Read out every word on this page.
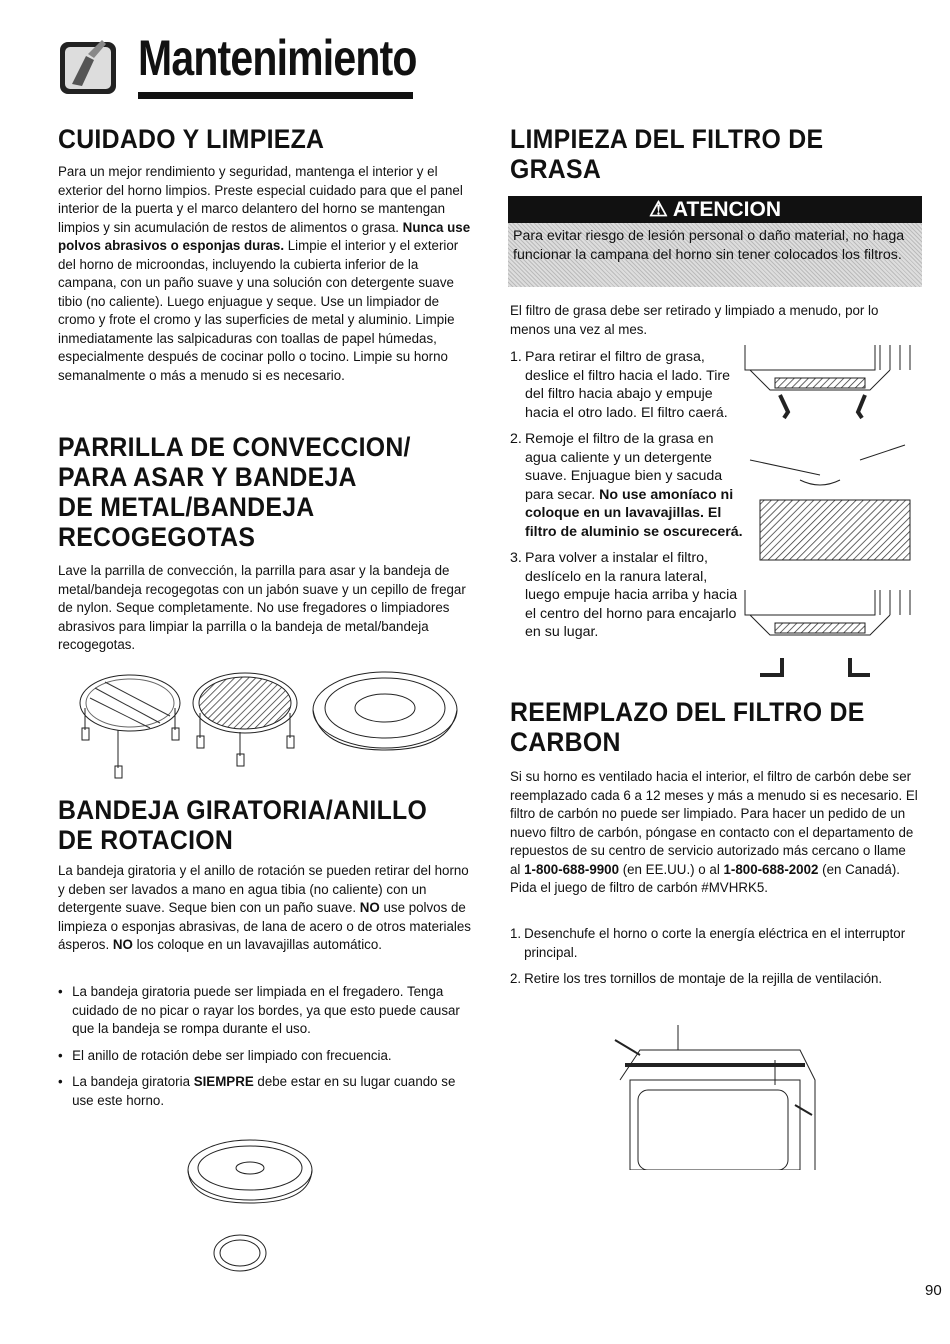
Mantenimiento
CUIDADO Y LIMPIEZA
Para un mejor rendimiento y seguridad, mantenga el interior y el exterior del horno limpios. Preste especial cuidado para que el panel interior de la puerta y el marco delantero del horno se mantengan limpios y sin acumulación de restos de alimentos o grasa. Nunca use polvos abrasivos o esponjas duras. Limpie el interior y el exterior del horno de microondas, incluyendo la cubierta inferior de la campana, con un paño suave y una solución con detergente suave tibio (no caliente). Luego enjuague y seque. Use un limpiador de cromo y frote el cromo y las superficies de metal y aluminio. Limpie inmediatamente las salpicaduras con toallas de papel húmedas, especialmente después de cocinar pollo o tocino. Limpie su horno semanalmente o más a menudo si es necesario.
PARRILLA DE CONVECCION/
PARA ASAR Y BANDEJA
DE METAL/BANDEJA
RECOGEGOTAS
Lave la parrilla de convección, la parrilla para asar y la bandeja de metal/bandeja recogegotas con un jabón suave y un cepillo de fregar de nylon. Seque completamente. No use fregadores o limpiadores abrasivos para limpiar la parrilla o la bandeja de metal/bandeja recogegotas.
BANDEJA GIRATORIA/ANILLO
DE ROTACION
La bandeja giratoria y el anillo de rotación se pueden retirar del horno y deben ser lavados a mano en agua tibia (no caliente) con un detergente suave. Seque bien con un paño suave. NO use polvos de limpieza o esponjas abrasivas, de lana de acero o de otros materiales ásperos. NO los coloque en un lavavajillas automático.
• La bandeja giratoria puede ser limpiada en el fregadero. Tenga cuidado de no picar o rayar los bordes, ya que esto puede causar que la bandeja se rompa durante el uso.
• El anillo de rotación debe ser limpiado con frecuencia.
• La bandeja giratoria SIEMPRE debe estar en su lugar cuando se use este horno.
LIMPIEZA DEL FILTRO DE
GRASA
⚠ ATENCION
Para evitar riesgo de lesión personal o daño material, no haga funcionar la campana del horno sin tener colocados los filtros.
El filtro de grasa debe ser retirado y limpiado a menudo, por lo menos una vez al mes.
1. Para retirar el filtro de grasa, deslice el filtro hacia el lado. Tire del filtro hacia abajo y empuje hacia el otro lado. El filtro caerá.
2. Remoje el filtro de la grasa en agua caliente y un detergente suave. Enjuague bien y sacuda para secar. No use amoníaco ni coloque en un lavavajillas. El filtro de aluminio se oscurecerá.
3. Para volver a instalar el filtro, deslícelo en la ranura lateral, luego empuje hacia arriba y hacia el centro del horno para encajarlo en su lugar.
REEMPLAZO DEL FILTRO DE
CARBON
Si su horno es ventilado hacia el interior, el filtro de carbón debe ser reemplazado cada 6 a 12 meses y más a menudo si es necesario. El filtro de carbón no puede ser limpiado. Para hacer un pedido de un nuevo filtro de carbón, póngase en contacto con el departamento de repuestos de su centro de servicio autorizado más cercano o llame al 1-800-688-9900 (en EE.UU.) o al 1-800-688-2002 (en Canadá). Pida el juego de filtro de carbón #MVHRK5.
1. Desenchufe el horno o corte la energía eléctrica en el interruptor principal.
2. Retire los tres tornillos de montaje de la rejilla de ventilación.
90
